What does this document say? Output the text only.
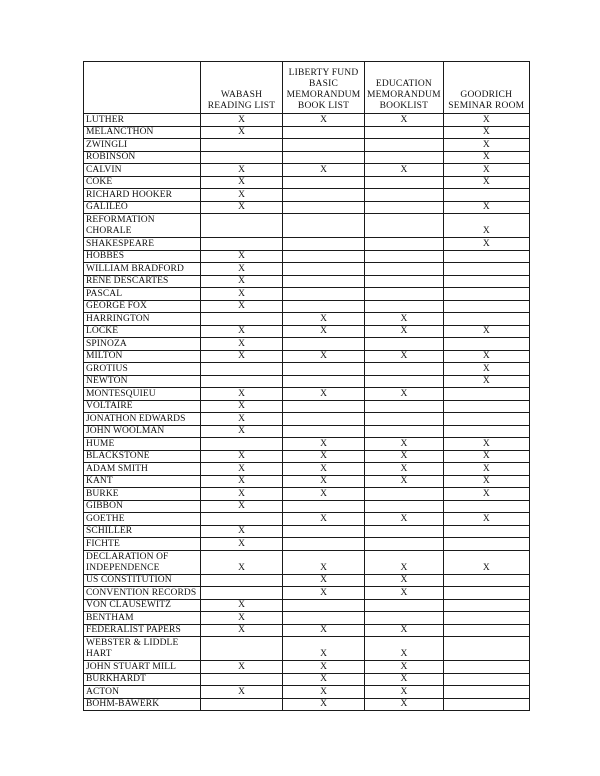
	WABASH READING LIST	LIBERTY FUND BASIC MEMORANDUM BOOK LIST	EDUCATION MEMORANDUM BOOKLIST	GOODRICH SEMINAR ROOM
LUTHER	X	X	X	X
MELANCTHON	X			X
ZWINGLI				X
ROBINSON				X
CALVIN	X	X	X	X
COKE	X			X
RICHARD HOOKER	X			
GALILEO	X			X
REFORMATION CHORALE				X
SHAKESPEARE				X
HOBBES	X			
WILLIAM BRADFORD	X			
RENE DESCARTES	X			
PASCAL	X			
GEORGE FOX	X			
HARRINGTON		X	X	
LOCKE	X	X	X	X
SPINOZA	X			
MILTON	X	X	X	X
GROTIUS				X
NEWTON				X
MONTESQUIEU	X	X	X	
VOLTAIRE	X			
JONATHON EDWARDS	X			
JOHN WOOLMAN	X			
HUME		X	X	X
BLACKSTONE	X	X	X	X
ADAM SMITH	X	X	X	X
KANT	X	X	X	X
BURKE	X	X		X
GIBBON	X			
GOETHE		X	X	X
SCHILLER	X			
FICHTE	X			
DECLARATION OF INDEPENDENCE	X	X	X	X
US CONSTITUTION		X	X	
CONVENTION RECORDS		X	X	
VON CLAUSEWITZ	X			
BENTHAM	X			
FEDERALIST PAPERS	X	X	X	
WEBSTER & LIDDLE HART		X	X	
JOHN STUART MILL	X	X	X	
BURKHARDT		X	X	
ACTON	X	X	X	
BOHM-BAWERK		X	X	
